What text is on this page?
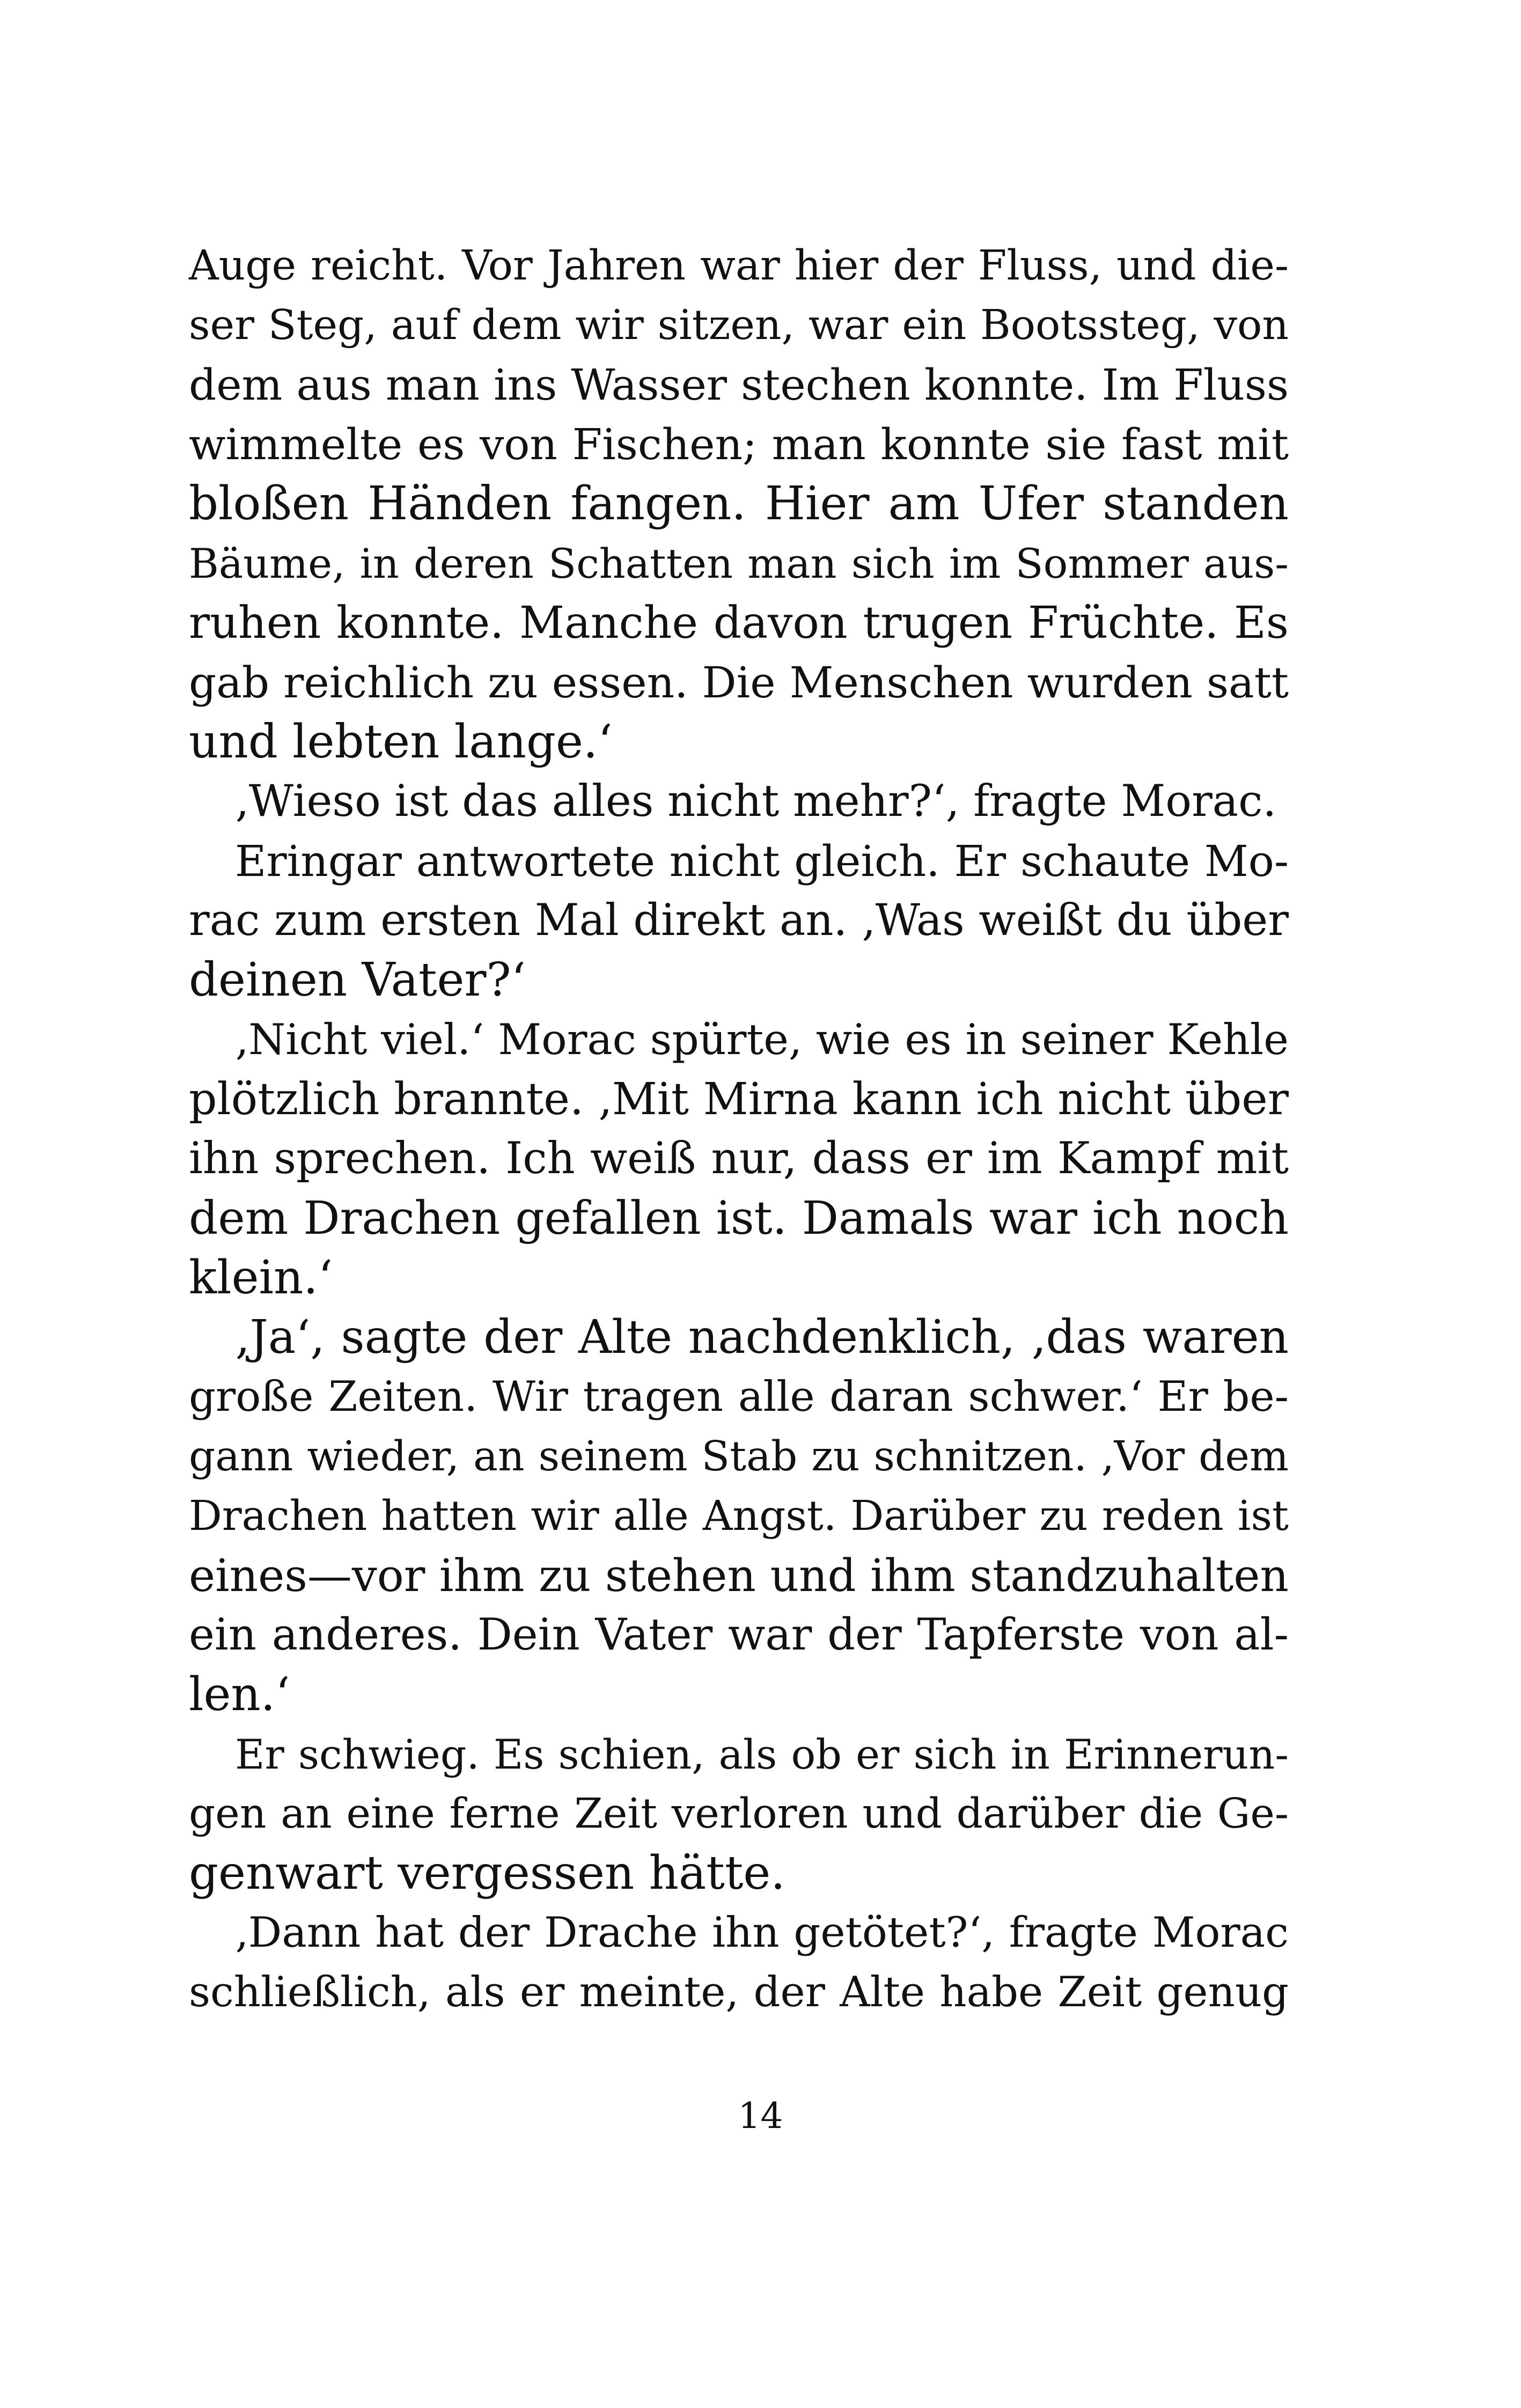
Auge reicht. Vor Jahren war hier der Fluss, und die-
ser Steg, auf dem wir sitzen, war ein Bootssteg, von
dem aus man ins Wasser stechen konnte. Im Fluss
wimmelte es von Fischen; man konnte sie fast mit
bloßen Händen fangen. Hier am Ufer standen
Bäume, in deren Schatten man sich im Sommer aus-
ruhen konnte. Manche davon trugen Früchte. Es
gab reichlich zu essen. Die Menschen wurden satt
und lebten lange.‘
‚Wieso ist das alles nicht mehr?‘, fragte Morac.
Eringar antwortete nicht gleich. Er schaute Mo-
rac zum ersten Mal direkt an. ‚Was weißt du über
deinen Vater?‘
‚Nicht viel.‘ Morac spürte, wie es in seiner Kehle
plötzlich brannte. ‚Mit Mirna kann ich nicht über
ihn sprechen. Ich weiß nur, dass er im Kampf mit
dem Drachen gefallen ist. Damals war ich noch
klein.‘
‚Ja‘, sagte der Alte nachdenklich, ‚das waren
große Zeiten. Wir tragen alle daran schwer.‘ Er be-
gann wieder, an seinem Stab zu schnitzen. ‚Vor dem
Drachen hatten wir alle Angst. Darüber zu reden ist
eines—vor ihm zu stehen und ihm standzuhalten
ein anderes. Dein Vater war der Tapferste von al-
len.‘
Er schwieg. Es schien, als ob er sich in Erinnerun-
gen an eine ferne Zeit verloren und darüber die Ge-
genwart vergessen hätte.
‚Dann hat der Drache ihn getötet?‘, fragte Morac
schließlich, als er meinte, der Alte habe Zeit genug
14
